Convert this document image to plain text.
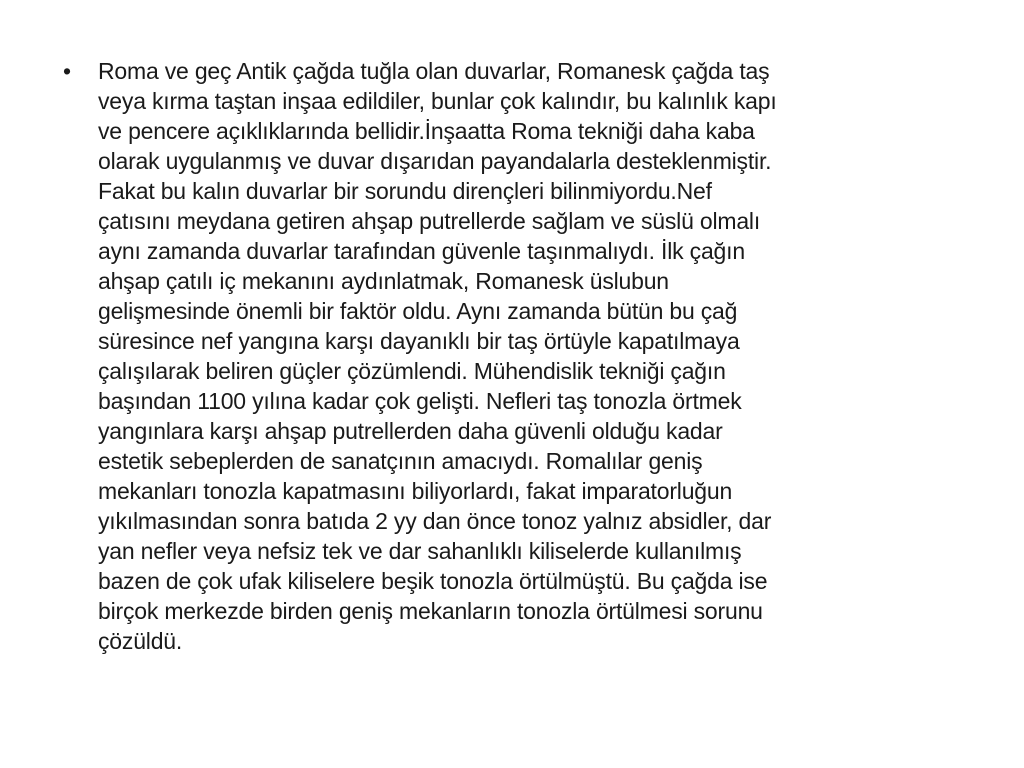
•	Roma ve geç Antik çağda tuğla olan duvarlar, Romanesk çağda taş
veya kırma taştan inşaa edildiler, bunlar çok kalındır, bu kalınlık kapı
ve pencere açıklıklarında bellidir.İnşaatta Roma tekniği daha kaba
olarak uygulanmış ve duvar dışarıdan payandalarla desteklenmiştir.
Fakat bu kalın duvarlar bir sorundu dirençleri bilinmiyordu.Nef
çatısını meydana getiren ahşap putrellerde sağlam ve süslü olmalı
aynı zamanda duvarlar tarafından güvenle taşınmalıydı. İlk çağın
ahşap çatılı iç mekanını aydınlatmak, Romanesk üslubun
gelişmesinde önemli bir faktör oldu. Aynı zamanda bütün bu çağ
süresince nef yangına karşı dayanıklı bir taş örtüyle kapatılmaya
çalışılarak beliren güçler çözümlendi. Mühendislik tekniği çağın
başından 1100 yılına kadar çok gelişti. Nefleri taş tonozla örtmek
yangınlara karşı ahşap putrellerden daha güvenli olduğu kadar
estetik sebeplerden de sanatçının amacıydı. Romalılar geniş
mekanları tonozla kapatmasını biliyorlardı, fakat imparatorluğun
yıkılmasından sonra batıda 2 yy dan önce tonoz yalnız absidler, dar
yan nefler veya nefsiz tek ve dar sahanlıklı kiliselerde kullanılmış
bazen de çok ufak kiliselere beşik tonozla örtülmüştü. Bu çağda ise
birçok merkezde birden geniş mekanların tonozla örtülmesi sorunu
çözüldü.
